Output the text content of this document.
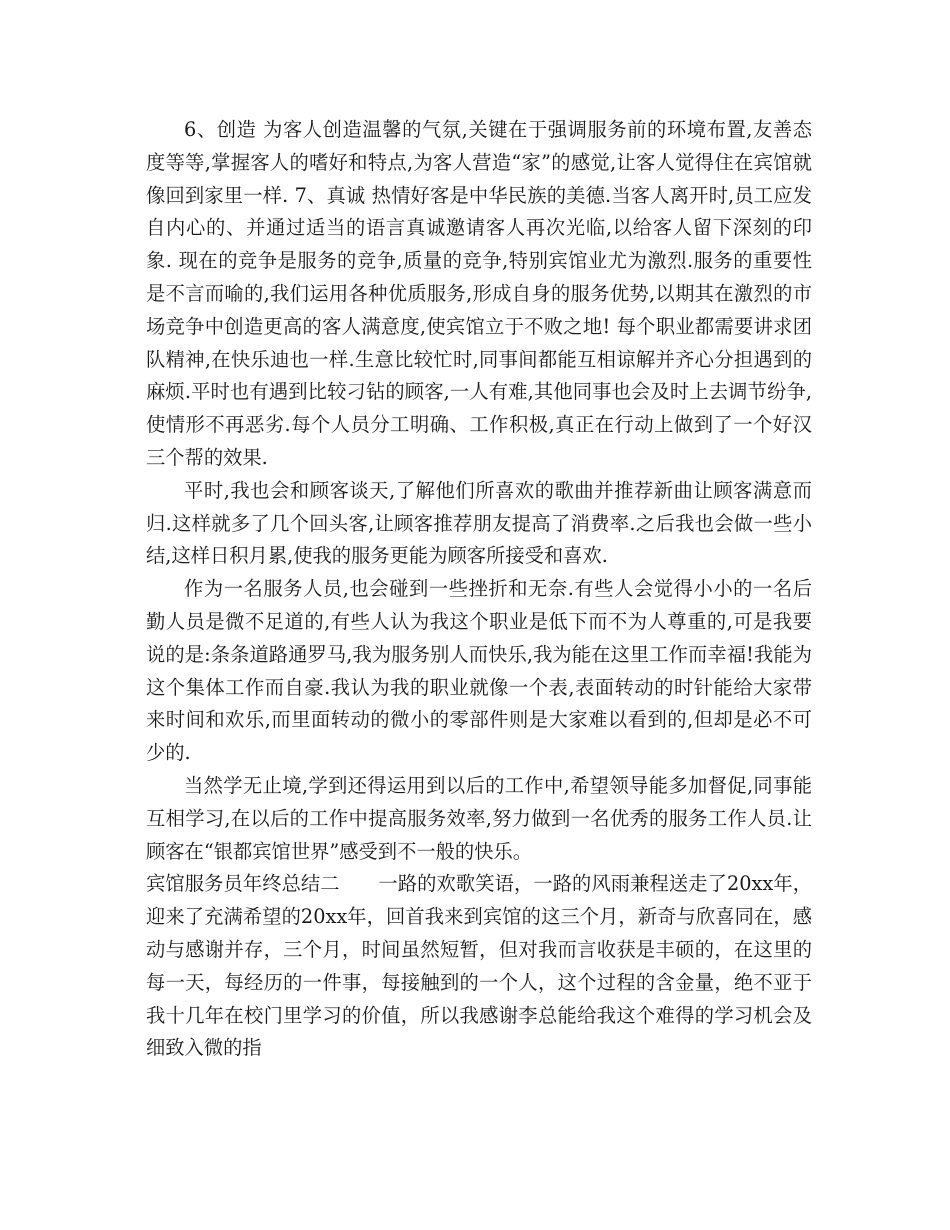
6、创造 为客人创造温馨的气氛,关键在于强调服务前的环境布置,友善态度等等,掌握客人的嗜好和特点,为客人营造“家”的感觉,让客人觉得住在宾馆就像回到家里一样. 7、真诚 热情好客是中华民族的美德.当客人离开时,员工应发自内心的、并通过适当的语言真诚邀请客人再次光临,以给客人留下深刻的印象. 现在的竞争是服务的竞争,质量的竞争,特别宾馆业尤为激烈.服务的重要性是不言而喻的,我们运用各种优质服务,形成自身的服务优势,以期其在激烈的市场竞争中创造更高的客人满意度,使宾馆立于不败之地! 每个职业都需要讲求团队精神,在快乐迪也一样.生意比较忙时,同事间都能互相谅解并齐心分担遇到的麻烦.平时也有遇到比较刁钻的顾客,一人有难,其他同事也会及时上去调节纷争,使情形不再恶劣.每个人员分工明确、工作积极,真正在行动上做到了一个好汉三个帮的效果.

平时,我也会和顾客谈天,了解他们所喜欢的歌曲并推荐新曲让顾客满意而归.这样就多了几个回头客,让顾客推荐朋友提高了消费率.之后我也会做一些小结,这样日积月累,使我的服务更能为顾客所接受和喜欢.

作为一名服务人员,也会碰到一些挫折和无奈.有些人会觉得小小的一名后勤人员是微不足道的,有些人认为我这个职业是低下而不为人尊重的,可是我要说的是:条条道路通罗马,我为服务别人而快乐,我为能在这里工作而幸福!我能为这个集体工作而自豪.我认为我的职业就像一个表,表面转动的时针能给大家带来时间和欢乐,而里面转动的微小的零部件则是大家难以看到的,但却是必不可少的.

当然学无止境,学到还得运用到以后的工作中,希望领导能多加督促,同事能互相学习,在以后的工作中提高服务效率,努力做到一名优秀的服务工作人员.让顾客在“银都宾馆世界”感受到不一般的快乐。

宾馆服务员年终总结二　　一路的欢歌笑语，一路的风雨兼程送走了20xx年，迎来了充满希望的20xx年，回首我来到宾馆的这三个月，新奇与欣喜同在，感动与感谢并存，三个月，时间虽然短暂，但对我而言收获是丰硕的，在这里的每一天，每经历的一件事，每接触到的一个人，这个过程的含金量，绝不亚于我十几年在校门里学习的价值，所以我感谢李总能给我这个难得的学习机会及细致入微的指
